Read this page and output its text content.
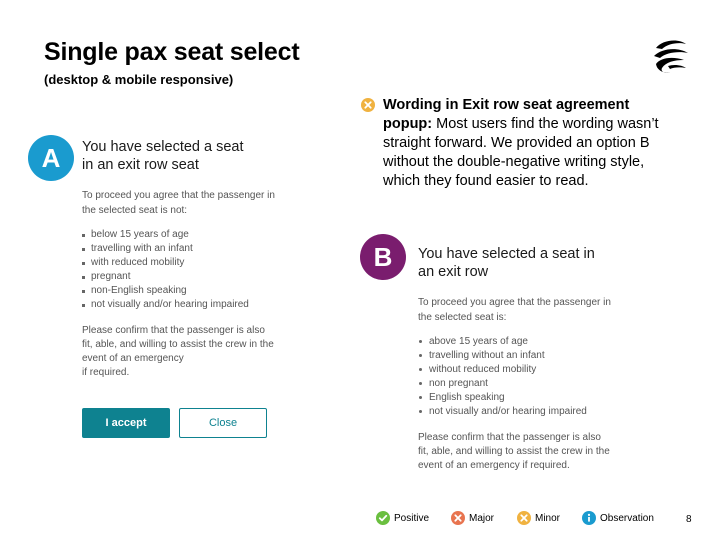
Single pax seat select
(desktop & mobile responsive)
A	You have selected a seat
in an exit row seat
To proceed you agree that the passenger in
the selected seat is not:
below 15 years of age
travelling with an infant
with reduced mobility
pregnant
non-English speaking
not visually and/or hearing impaired
Please confirm that the passenger is also
fit, able, and willing to assist the crew in the
event of an emergency
if required.
I accept	Close
Wording in Exit row seat agreement
popup: Most users find the wording wasn’t
straight forward. We provided an option B
without the double-negative writing style,
which they found easier to read.
B	You have selected a seat in
an exit row
To proceed you agree that the passenger in
the selected seat is:
above 15 years of age
travelling without an infant
without reduced mobility
non pregnant
English speaking
not visually and/or hearing impaired
Please confirm that the passenger is also
fit, able, and willing to assist the crew in the
event of an emergency if required.
Positive	Major	Minor	Observation	8
